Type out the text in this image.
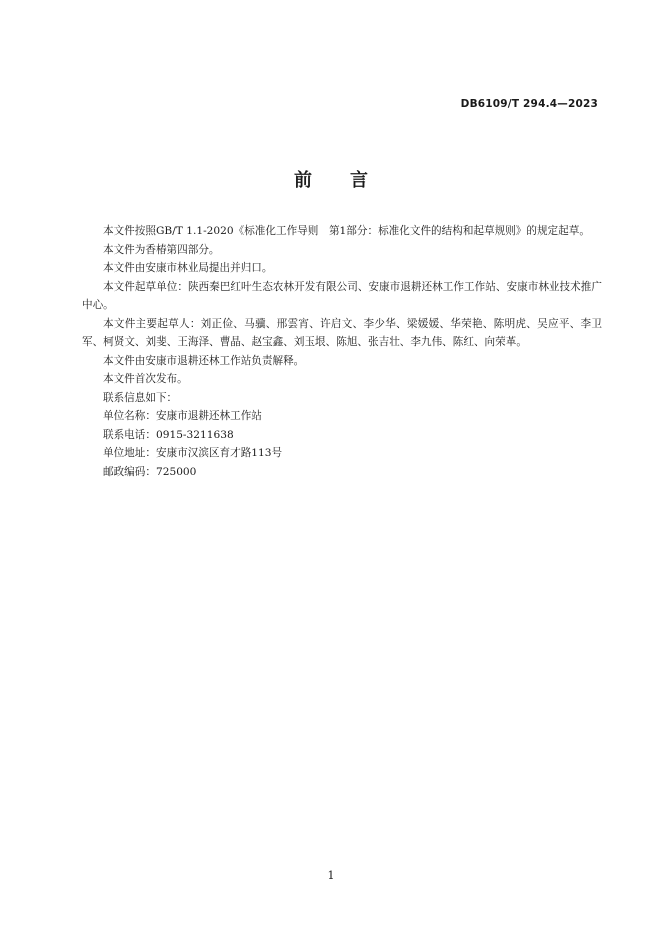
DB6109/T 294.4—2023
前 言

本文件按照GB/T 1.1-2020《标准化工作导则　第1部分：标准化文件的结构和起草规则》的规定起草。

本文件为香椿第四部分。

本文件由安康市林业局提出并归口。

本文件起草单位：陕西秦巴红叶生态农林开发有限公司、安康市退耕还林工作工作站、安康市林业技术推广中心。

本文件主要起草人：刘正俭、马骥、邢雲宵、许启文、李少华、梁媛媛、华荣艳、陈明虎、吴应平、李卫军、柯贤文、刘斐、王海泽、曹晶、赵宝鑫、刘玉垠、陈旭、张吉壮、李九伟、陈红、向荣革。

本文件由安康市退耕还林工作站负责解释。

本文件首次发布。

联系信息如下：

单位名称：安康市退耕还林工作站

联系电话：0915-3211638

单位地址：安康市汉滨区育才路113号

邮政编码：725000

1
